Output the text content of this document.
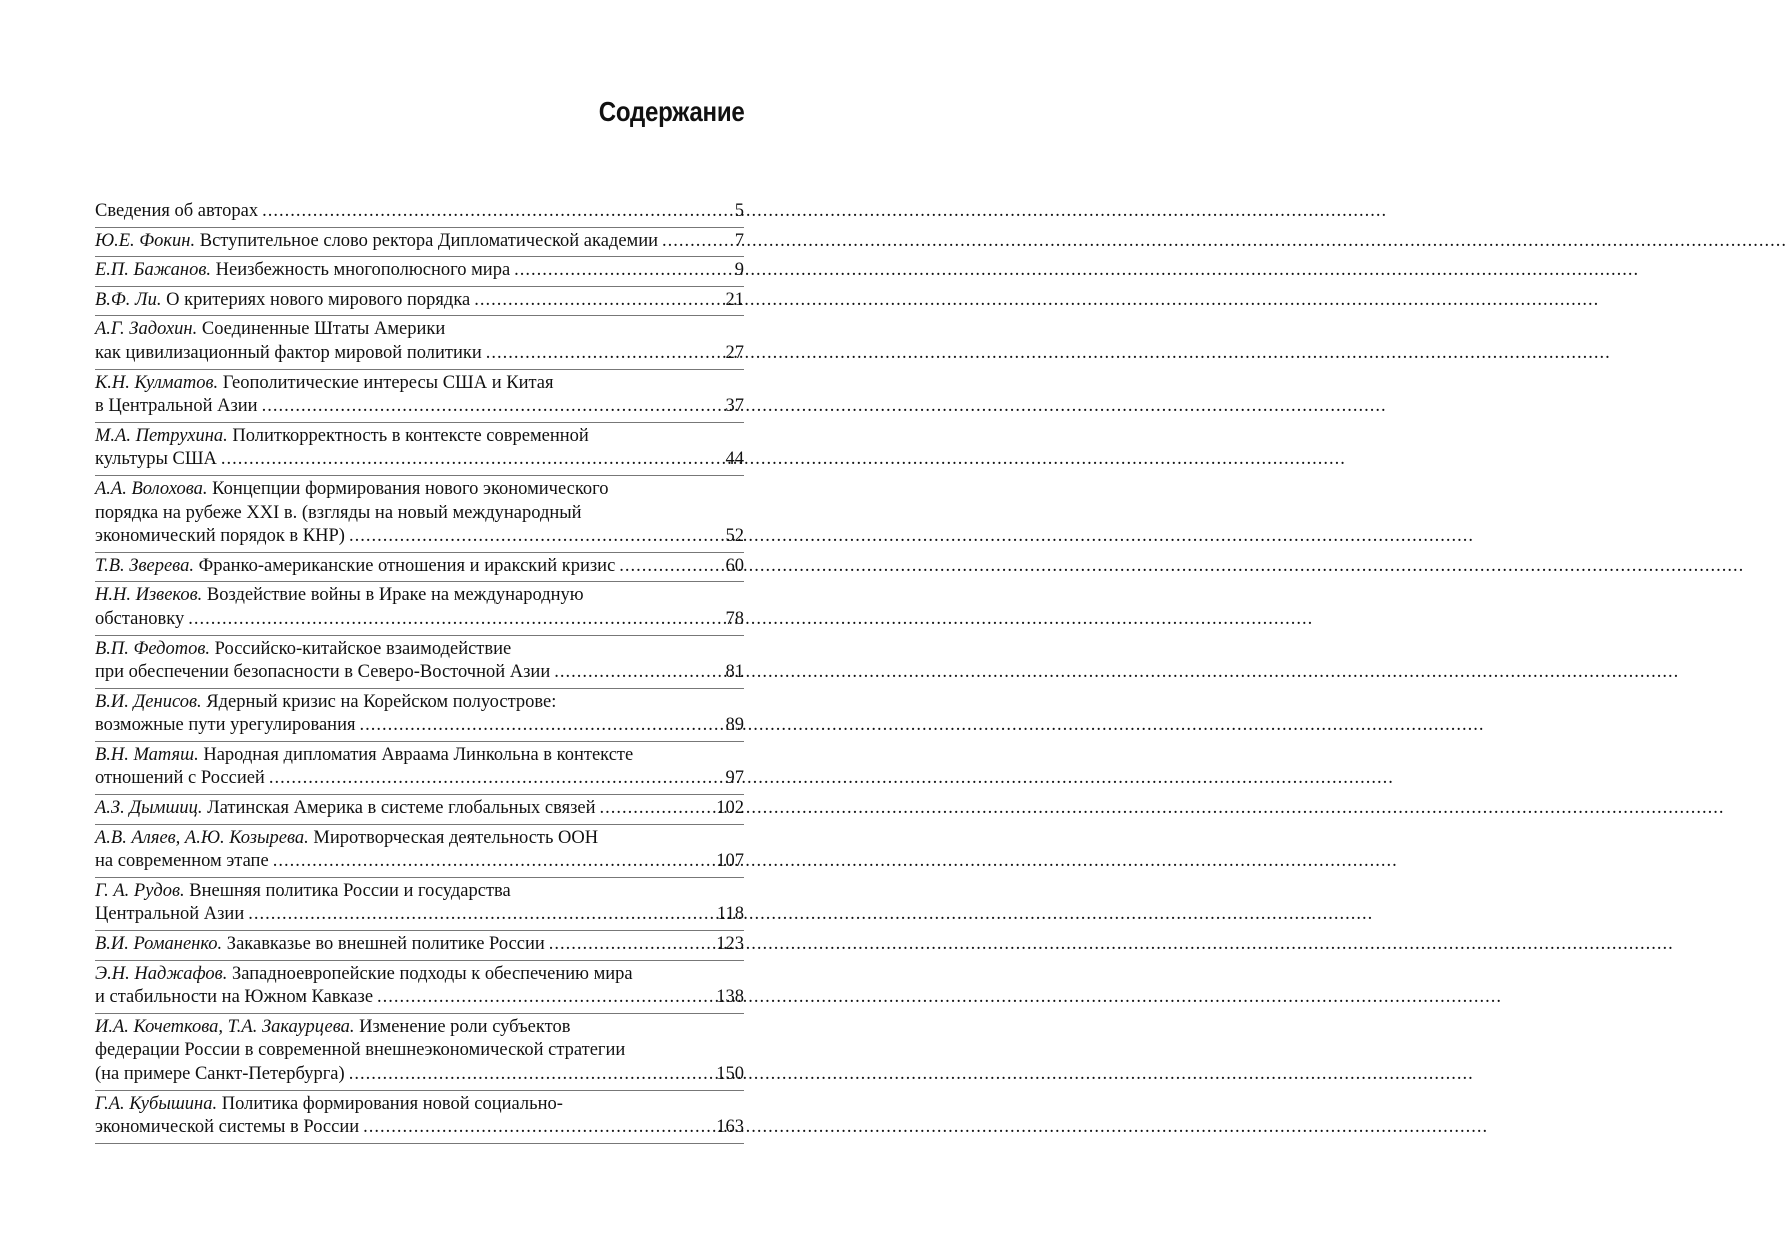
Содержание
Сведения об авторах .....	5
Ю.Е. Фокин. Вступительное слово ректора Дипломатической академии .....	7
Е.П. Бажанов. Неизбежность многополюсного мира .....	9
В.Ф. Ли. О критериях нового мирового порядка .....	21
А.Г. Задохин. Соединенные Штаты Америки
как цивилизационный фактор мировой политики .....	27
К.Н. Кулматов. Геополитические интересы США и Китая
в Центральной Азии .....	37
М.А. Петрухина. Политкорректность в контексте современной
культуры США .....	44
А.А. Волохова. Концепции формирования нового экономического
порядка на рубеже XXI в. (взгляды на новый международный
экономический порядок в КНР) .....	52
Т.В. Зверева. Франко-американские отношения и иракский кризис .....	60
Н.Н. Извеков. Воздействие войны в Ираке на международную
обстановку .....	78
В.П. Федотов. Российско-китайское взаимодействие
при обеспечении безопасности в Северо-Восточной Азии .....	81
В.И. Денисов. Ядерный кризис на Корейском полуострове:
возможные пути урегулирования .....	89
В.Н. Матяш. Народная дипломатия Авраама Линкольна в контексте
отношений с Россией .....	97
А.З. Дымшиц. Латинская Америка в системе глобальных связей .....	102
А.В. Аляев, А.Ю. Козырева. Миротворческая деятельность ООН
на современном этапе .....	107
Г. А. Рудов. Внешняя политика России и государства
Центральной Азии .....	118
В.И. Романенко. Закавказье во внешней политике России .....	123
Э.Н. Наджафов. Западноевропейские подходы к обеспечению мира
и стабильности на Южном Кавказе .....	138
И.А. Кочеткова, Т.А. Закаурцева. Изменение роли субъектов
федерации России в современной внешнеэкономической стратегии
(на примере Санкт-Петербурга) .....	150
Г.А. Кубышина. Политика формирования новой социально-
экономической системы в России .....	163
